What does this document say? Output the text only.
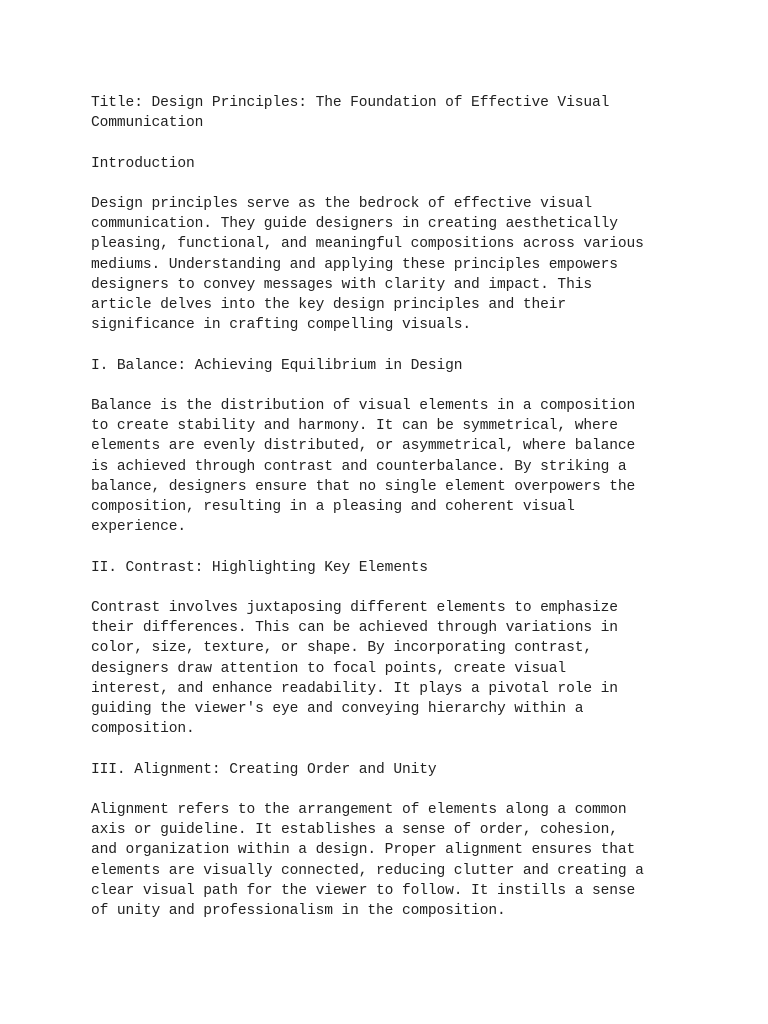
Title: Design Principles: The Foundation of Effective Visual
Communication
Introduction
Design principles serve as the bedrock of effective visual
communication. They guide designers in creating aesthetically
pleasing, functional, and meaningful compositions across various
mediums. Understanding and applying these principles empowers
designers to convey messages with clarity and impact. This
article delves into the key design principles and their
significance in crafting compelling visuals.
I. Balance: Achieving Equilibrium in Design
Balance is the distribution of visual elements in a composition
to create stability and harmony. It can be symmetrical, where
elements are evenly distributed, or asymmetrical, where balance
is achieved through contrast and counterbalance. By striking a
balance, designers ensure that no single element overpowers the
composition, resulting in a pleasing and coherent visual
experience.
II. Contrast: Highlighting Key Elements
Contrast involves juxtaposing different elements to emphasize
their differences. This can be achieved through variations in
color, size, texture, or shape. By incorporating contrast,
designers draw attention to focal points, create visual
interest, and enhance readability. It plays a pivotal role in
guiding the viewer's eye and conveying hierarchy within a
composition.
III. Alignment: Creating Order and Unity
Alignment refers to the arrangement of elements along a common
axis or guideline. It establishes a sense of order, cohesion,
and organization within a design. Proper alignment ensures that
elements are visually connected, reducing clutter and creating a
clear visual path for the viewer to follow. It instills a sense
of unity and professionalism in the composition.
